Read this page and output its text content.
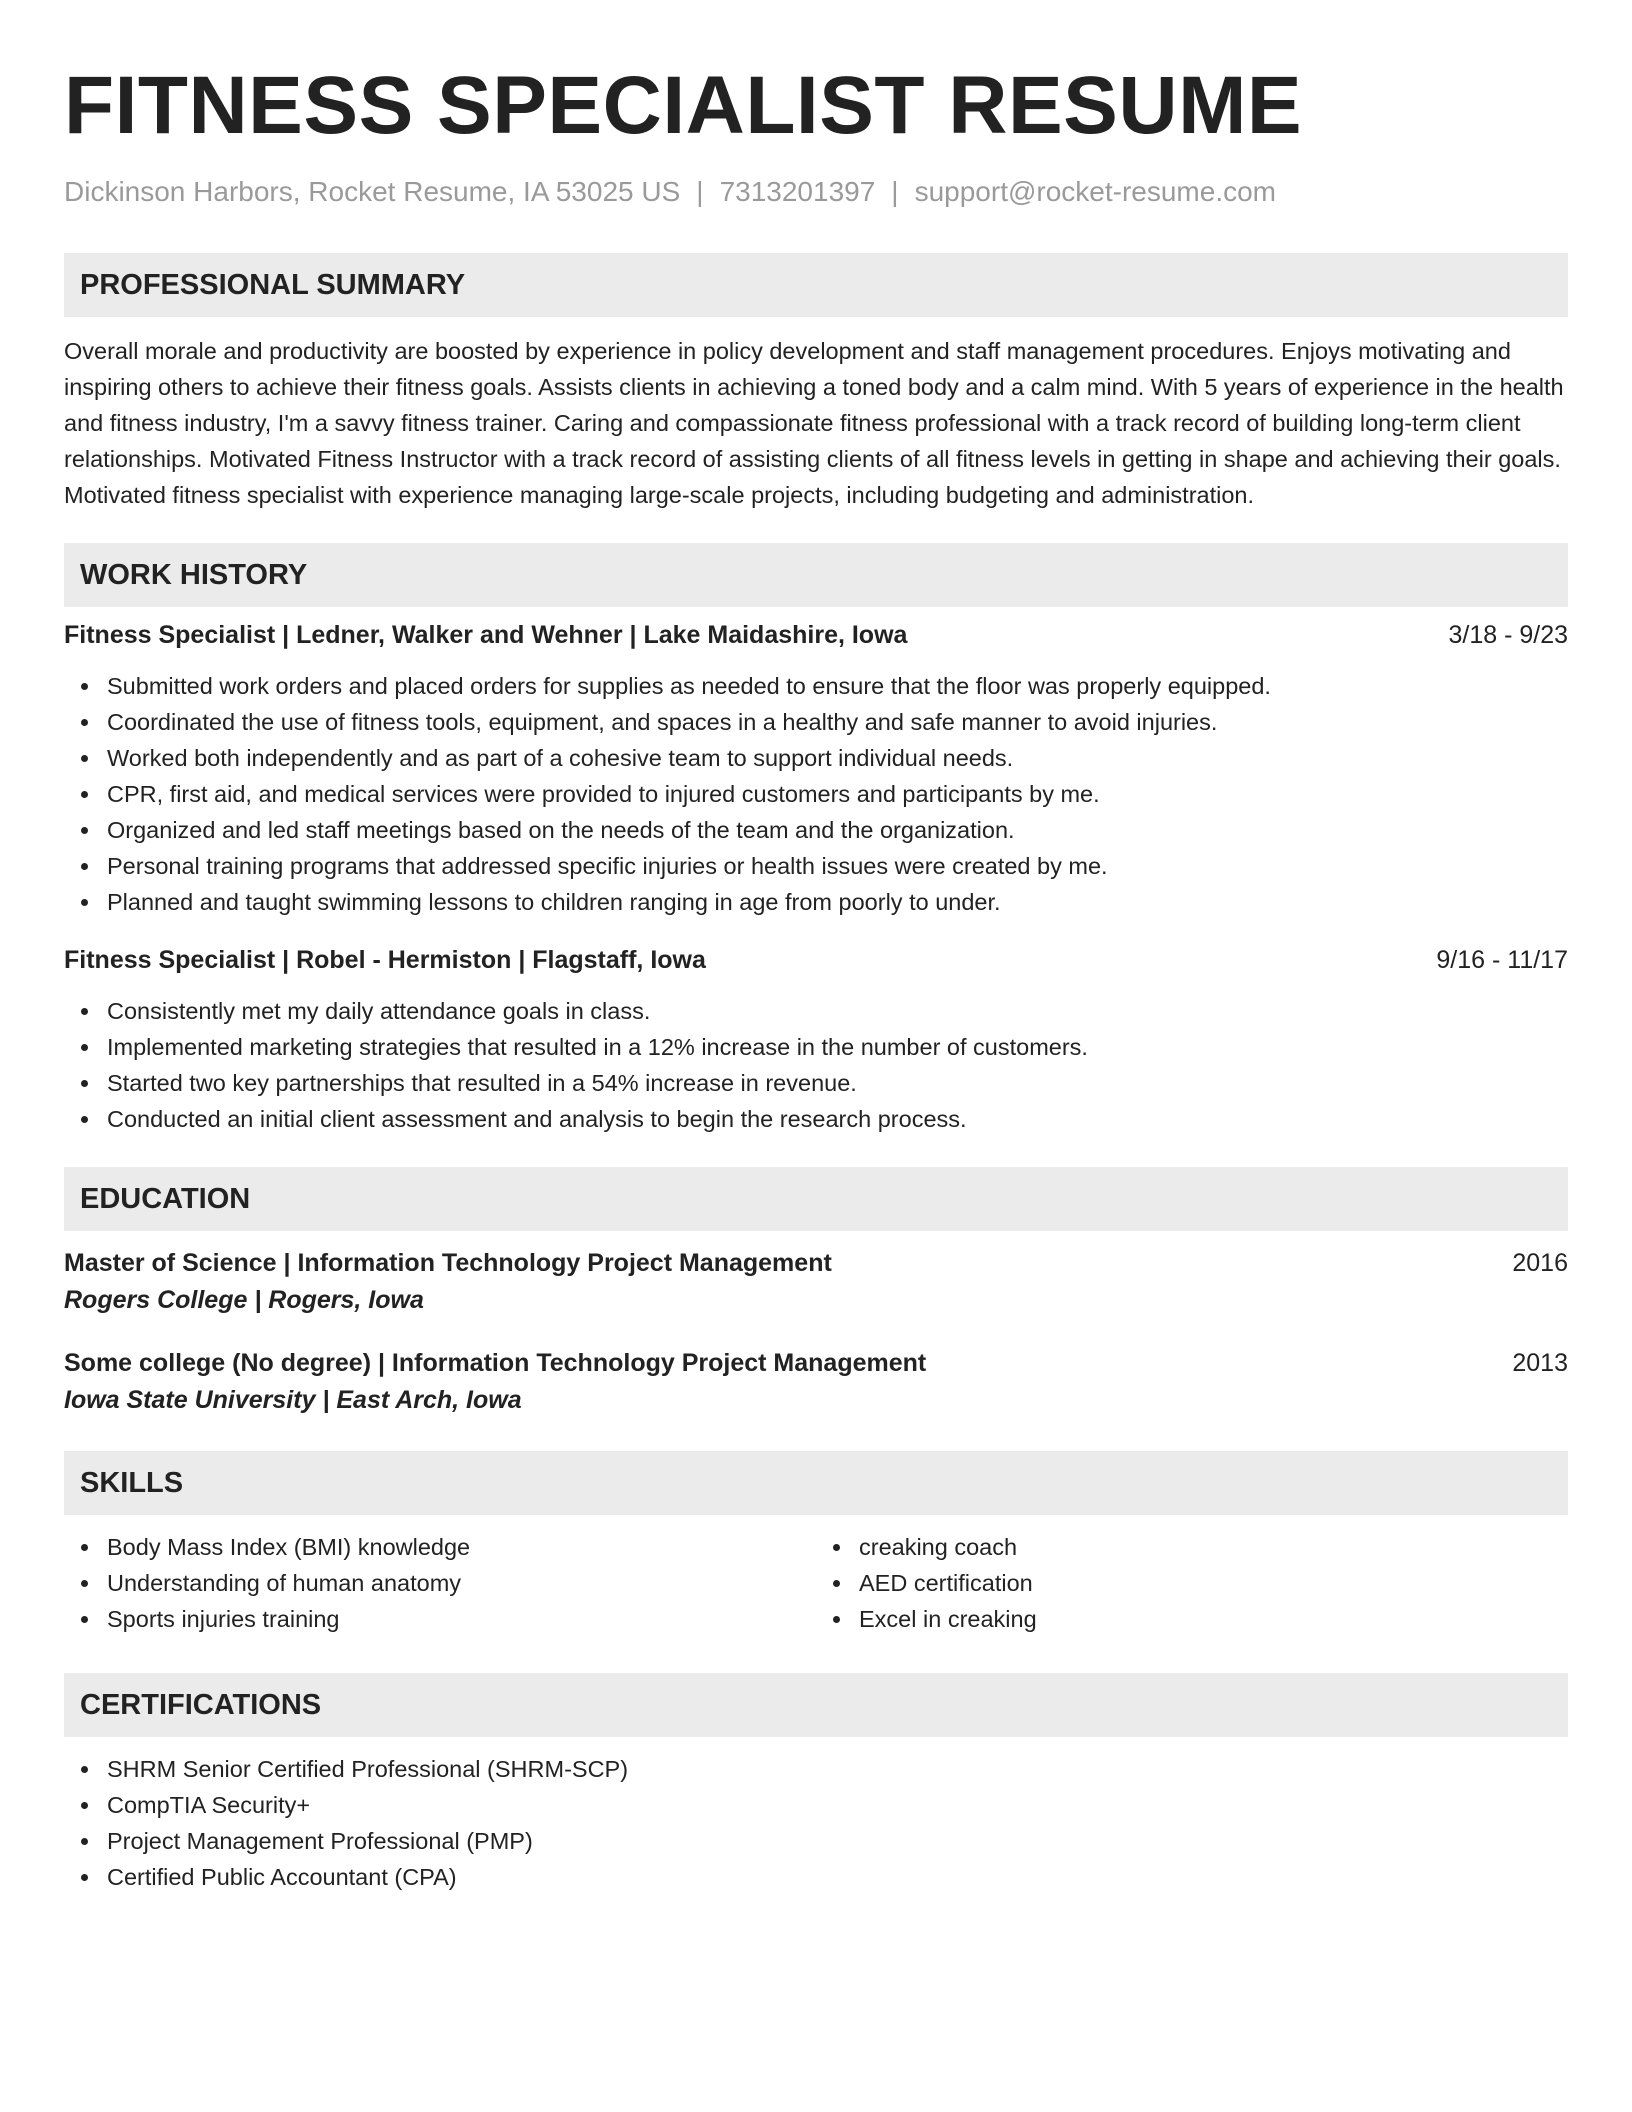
FITNESS SPECIALIST RESUME
Dickinson Harbors, Rocket Resume, IA 53025 US | 7313201397 | support@rocket-resume.com
PROFESSIONAL SUMMARY

Overall morale and productivity are boosted by experience in policy development and staff management procedures. Enjoys motivating and inspiring others to achieve their fitness goals. Assists clients in achieving a toned body and a calm mind. With 5 years of experience in the health and fitness industry, I'm a savvy fitness trainer. Caring and compassionate fitness professional with a track record of building long-term client relationships. Motivated Fitness Instructor with a track record of assisting clients of all fitness levels in getting in shape and achieving their goals. Motivated fitness specialist with experience managing large-scale projects, including budgeting and administration.

WORK HISTORY
Fitness Specialist | Ledner, Walker and Wehner | Lake Maidashire, Iowa	3/18 - 9/23
Submitted work orders and placed orders for supplies as needed to ensure that the floor was properly equipped.
Coordinated the use of fitness tools, equipment, and spaces in a healthy and safe manner to avoid injuries.
Worked both independently and as part of a cohesive team to support individual needs.
CPR, first aid, and medical services were provided to injured customers and participants by me.
Organized and led staff meetings based on the needs of the team and the organization.
Personal training programs that addressed specific injuries or health issues were created by me.
Planned and taught swimming lessons to children ranging in age from poorly to under.
Fitness Specialist | Robel - Hermiston | Flagstaff, Iowa	9/16 - 11/17
Consistently met my daily attendance goals in class.
Implemented marketing strategies that resulted in a 12% increase in the number of customers.
Started two key partnerships that resulted in a 54% increase in revenue.
Conducted an initial client assessment and analysis to begin the research process.
EDUCATION
Master of Science | Information Technology Project Management	2016
Rogers College | Rogers, Iowa
Some college (No degree) | Information Technology Project Management	2013
Iowa State University | East Arch, Iowa
SKILLS
Body Mass Index (BMI) knowledge
Understanding of human anatomy
Sports injuries training
creaking coach
AED certification
Excel in creaking
CERTIFICATIONS
SHRM Senior Certified Professional (SHRM-SCP)
CompTIA Security+
Project Management Professional (PMP)
Certified Public Accountant (CPA)
